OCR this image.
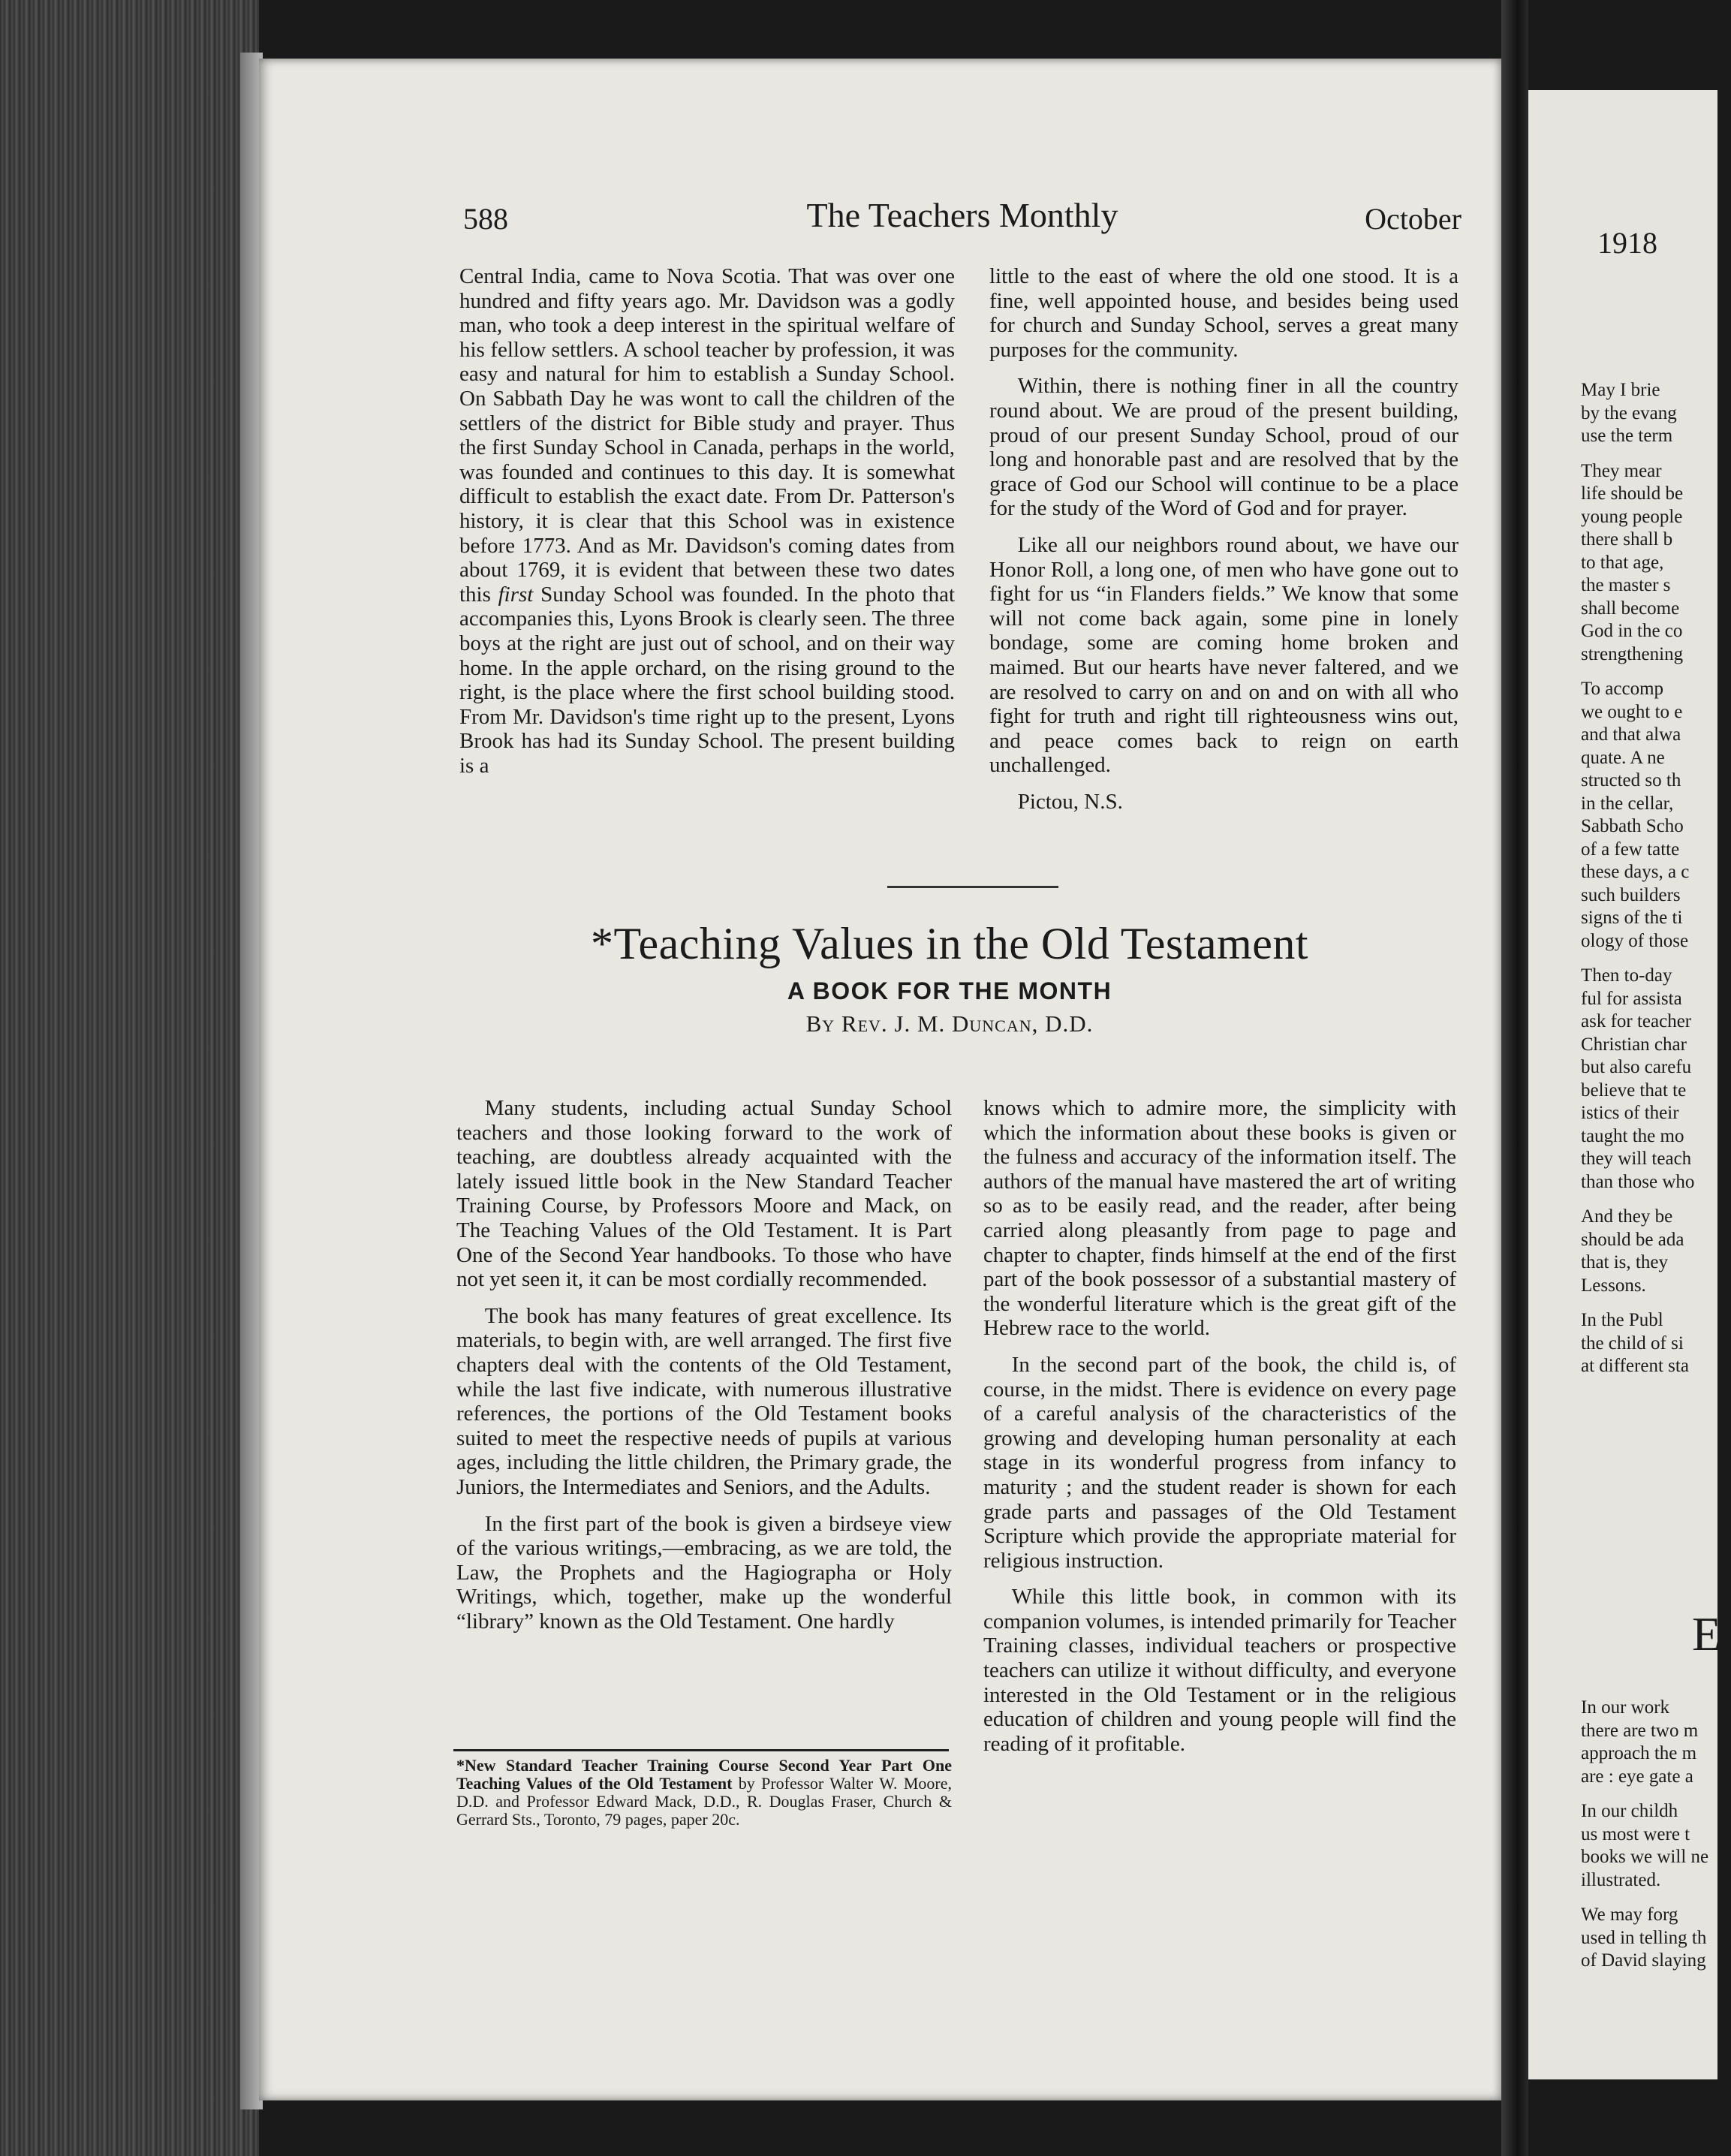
588	The Teachers Monthly	October

Central India, came to Nova Scotia. That was over one hundred and fifty years ago. Mr. Davidson was a godly man, who took a deep interest in the spiritual welfare of his fellow settlers. A school teacher by profession, it was easy and natural for him to establish a Sunday School. On Sabbath Day he was wont to call the children of the settlers of the district for Bible study and prayer. Thus the first Sunday School in Canada, perhaps in the world, was founded and continues to this day. It is somewhat difficult to establish the exact date. From Dr. Patterson's history, it is clear that this School was in existence before 1773. And as Mr. Davidson's coming dates from about 1769, it is evident that between these two dates this first Sunday School was founded. In the photo that accompanies this, Lyons Brook is clearly seen. The three boys at the right are just out of school, and on their way home. In the apple orchard, on the rising ground to the right, is the place where the first school building stood. From Mr. Davidson's time right up to the present, Lyons Brook has had its Sunday School. The present building is a

little to the east of where the old one stood. It is a fine, well appointed house, and besides being used for church and Sunday School, serves a great many purposes for the community.

Within, there is nothing finer in all the country round about. We are proud of the present building, proud of our present Sunday School, proud of our long and honorable past and are resolved that by the grace of God our School will continue to be a place for the study of the Word of God and for prayer.

Like all our neighbors round about, we have our Honor Roll, a long one, of men who have gone out to fight for us “in Flanders fields.” We know that some will not come back again, some pine in lonely bondage, some are coming home broken and maimed. But our hearts have never faltered, and we are resolved to carry on and on and on with all who fight for truth and right till righteousness wins out, and peace comes back to reign on earth unchallenged.

Pictou, N.S.

*Teaching Values in the Old Testament
A BOOK FOR THE MONTH
By Rev. J. M. Duncan, D.D.

Many students, including actual Sunday School teachers and those looking forward to the work of teaching, are doubtless already acquainted with the lately issued little book in the New Standard Teacher Training Course, by Professors Moore and Mack, on The Teaching Values of the Old Testament. It is Part One of the Second Year handbooks. To those who have not yet seen it, it can be most cordially recommended.

The book has many features of great excellence. Its materials, to begin with, are well arranged. The first five chapters deal with the contents of the Old Testament, while the last five indicate, with numerous illustrative references, the portions of the Old Testament books suited to meet the respective needs of pupils at various ages, including the little children, the Primary grade, the Juniors, the Intermediates and Seniors, and the Adults.

In the first part of the book is given a birdseye view of the various writings,—embracing, as we are told, the Law, the Prophets and the Hagiographa or Holy Writings, which, together, make up the wonderful “library” known as the Old Testament. One hardly

*New Standard Teacher Training Course Second Year Part One Teaching Values of the Old Testament by Professor Walter W. Moore, D.D. and Professor Edward Mack, D.D., R. Douglas Fraser, Church & Gerrard Sts., Toronto, 79 pages, paper 20c.

knows which to admire more, the simplicity with which the information about these books is given or the fulness and accuracy of the information itself. The authors of the manual have mastered the art of writing so as to be easily read, and the reader, after being carried along pleasantly from page to page and chapter to chapter, finds himself at the end of the first part of the book possessor of a substantial mastery of the wonderful literature which is the great gift of the Hebrew race to the world.

In the second part of the book, the child is, of course, in the midst. There is evidence on every page of a careful analysis of the characteristics of the growing and developing human personality at each stage in its wonderful progress from infancy to maturity ; and the student reader is shown for each grade parts and passages of the Old Testament Scripture which provide the appropriate material for religious instruction.

While this little book, in common with its companion volumes, is intended primarily for Teacher Training classes, individual teachers or prospective teachers can utilize it without difficulty, and everyone interested in the Old Testament or in the religious education of children and young people will find the reading of it profitable.

1918
May I brie
by the evang
use the term
They mear
life should be
young people
there shall b
to that age,
the master s
shall become
God in the co
strengthening
To accomp
we ought to e
and that alwa
quate. A ne
structed so th
in the cellar,
Sabbath Scho
of a few tatte
these days, a c
such builders
signs of the ti
ology of those
Then to-day
ful for assista
ask for teacher
Christian char
but also carefu
believe that te
istics of their
taught the mo
they will teach
than those who
And they be
should be ada
that is, they
Lessons.
In the Publ
the child of si
at different sta
E
In our work
there are two m
approach the m
are : eye gate a
In our childh
us most were t
books we will ne
illustrated.
We may forg
used in telling th
of David slaying
